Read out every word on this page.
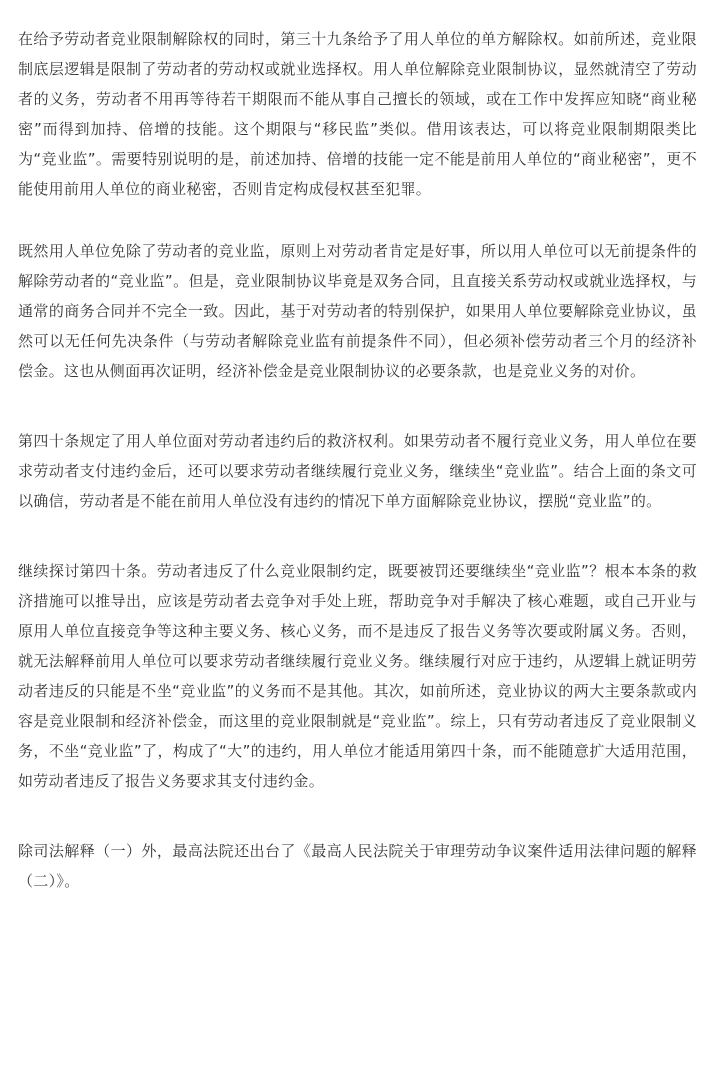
在给予劳动者竞业限制解除权的同时，第三十九条给予了用人单位的单方解除权。如前所述，竞业限制底层逻辑是限制了劳动者的劳动权或就业选择权。用人单位解除竞业限制协议，显然就清空了劳动者的义务，劳动者不用再等待若干期限而不能从事自己擅长的领域，或在工作中发挥应知晓“商业秘密”而得到加持、倍增的技能。这个期限与“移民监”类似。借用该表达，可以将竞业限制期限类比为“竞业监”。需要特别说明的是，前述加持、倍增的技能一定不能是前用人单位的“商业秘密”，更不能使用前用人单位的商业秘密，否则肯定构成侵权甚至犯罪。

既然用人单位免除了劳动者的竞业监，原则上对劳动者肯定是好事，所以用人单位可以无前提条件的解除劳动者的“竞业监”。但是，竞业限制协议毕竟是双务合同，且直接关系劳动权或就业选择权，与通常的商务合同并不完全一致。因此，基于对劳动者的特别保护，如果用人单位要解除竞业协议，虽然可以无任何先决条件（与劳动者解除竞业监有前提条件不同），但必须补偿劳动者三个月的经济补偿金。这也从侧面再次证明，经济补偿金是竞业限制协议的必要条款，也是竞业义务的对价。

第四十条规定了用人单位面对劳动者违约后的救济权利。如果劳动者不履行竞业义务，用人单位在要求劳动者支付违约金后，还可以要求劳动者继续履行竞业义务，继续坐“竞业监”。结合上面的条文可以确信，劳动者是不能在前用人单位没有违约的情况下单方面解除竞业协议，摆脱“竞业监”的。

继续探讨第四十条。劳动者违反了什么竞业限制约定，既要被罚还要继续坐“竞业监”？根本本条的救济措施可以推导出，应该是劳动者去竞争对手处上班，帮助竞争对手解决了核心难题，或自己开业与原用人单位直接竞争等这种主要义务、核心义务，而不是违反了报告义务等次要或附属义务。否则，就无法解释前用人单位可以要求劳动者继续履行竞业义务。继续履行对应于违约，从逻辑上就证明劳动者违反的只能是不坐“竞业监”的义务而不是其他。其次，如前所述，竞业协议的两大主要条款或内容是竞业限制和经济补偿金，而这里的竞业限制就是“竞业监”。综上，只有劳动者违反了竞业限制义务，不坐“竞业监”了，构成了“大”的违约，用人单位才能适用第四十条，而不能随意扩大适用范围，如劳动者违反了报告义务要求其支付违约金。

除司法解释（一）外，最高法院还出台了《最高人民法院关于审理劳动争议案件适用法律问题的解释（二）》。
